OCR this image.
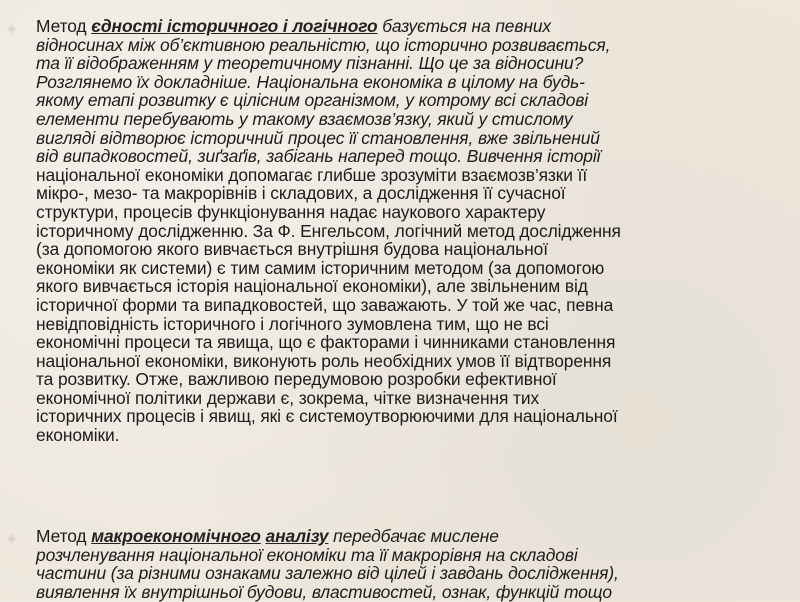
◈ Метод єдності історичного і логічного базується на певних
відносинах між об’єктивною реальністю, що історично розвивається,
та її відображенням у теоретичному пізнанні. Що це за відносини?
Розглянемо їх докладніше. Національна економіка в цілому на будь-
якому етапі розвитку є цілісним організмом, у котрому всі складові
елементи перебувають у такому взаємозв’язку, який у стислому
вигляді відтворює історичний процес її становлення, вже звільнений
від випадковостей, зиґзаґів, забігань наперед тощо. Вивчення історії
національної економіки допомагає глибше зрозуміти взаємозв’язки її
мікро-, мезо- та макрорівнів і складових, а дослідження її сучасної
структури, процесів функціонування надає наукового характеру
історичному дослідженню. За Ф. Енгельсом, логічний метод дослідження
(за допомогою якого вивчається внутрішня будова національної
економіки як системи) є тим самим історичним методом (за допомогою
якого вивчається історія національної економіки), але звільненим від
історичної форми та випадковостей, що заважають. У той же час, певна
невідповідність історичного і логічного зумовлена тим, що не всі
економічні процеси та явища, що є факторами і чинниками становлення
національної економіки, виконують роль необхідних умов її відтворення
та розвитку. Отже, важливою передумовою розробки ефективної
економічної політики держави є, зокрема, чітке визначення тих
історичних процесів і явищ, які є системоутворюючими для національної
економіки.
◈ Метод макроекономічного аналізу передбачає мислене
розчленування національної економіки та її макрорівня на складові
частини (за різними ознаками залежно від цілей і завдань дослідження),
виявлення їх внутрішньої будови, властивостей, ознак, функцій тощо
